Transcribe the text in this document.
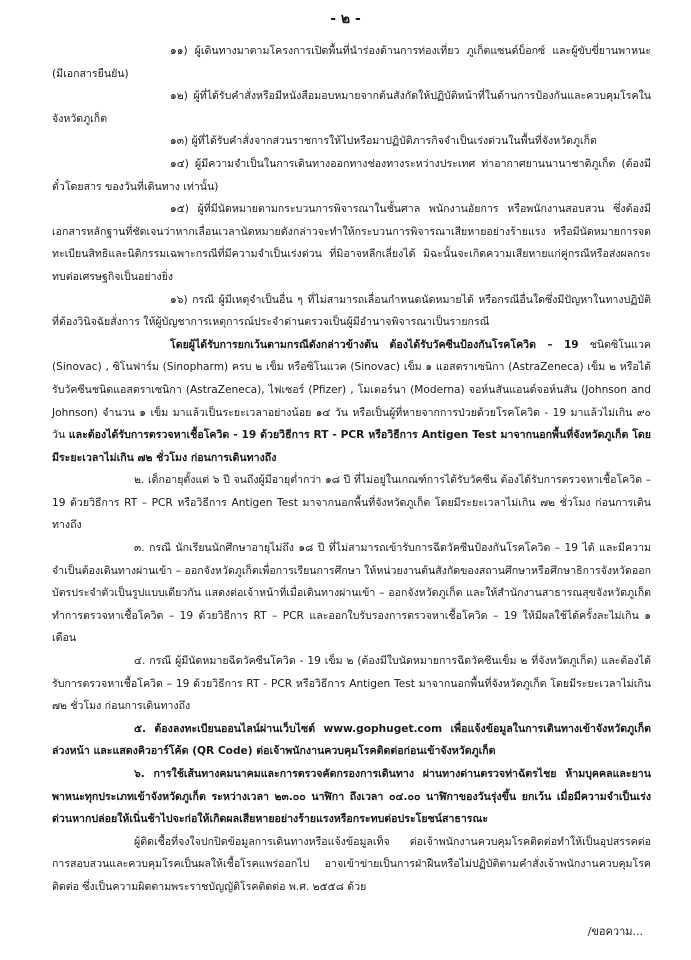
- ๒ -

๑๑) ผู้เดินทางมาตามโครงการเปิดพื้นที่นำร่องด้านการท่องเที่ยว ภูเก็ตแซนด์บ็อกซ์ และผู้ขับขี่ยานพาหนะ (มีเอกสารยืนยัน)

๑๒) ผู้ที่ได้รับคำสั่งหรือมีหนังสือมอบหมายจากต้นสังกัดให้ปฏิบัติหน้าที่ในด้านการป้องกันและควบคุมโรคในจังหวัดภูเก็ต

๑๓) ผู้ที่ได้รับคำสั่งจากส่วนราชการให้ไปหรือมาปฏิบัติภารกิจจำเป็นเร่งด่วนในพื้นที่จังหวัดภูเก็ต

๑๔) ผู้มีความจำเป็นในการเดินทางออกทางช่องทางระหว่างประเทศ ท่าอากาศยานนานาชาติภูเก็ต (ต้องมีตั๋วโดยสาร ของวันที่เดินทาง เท่านั้น)

๑๕) ผู้ที่มีนัดหมายตามกระบวนการพิจารณาในชั้นศาล พนักงานอัยการ หรือพนักงานสอบสวน ซึ่งต้องมีเอกสารหลักฐานที่ชัดเจนว่าหากเลื่อนเวลานัดหมายดังกล่าวจะทำให้กระบวนการพิจารณาเสียหายอย่างร้ายแรง หรือมีนัดหมายการจดทะเบียนสิทธิและนิติกรรมเฉพาะกรณีที่มีความจำเป็นเร่งด่วน ที่มิอาจหลีกเลี่ยงได้ มิฉะนั้นจะเกิดความเสียหายแก่คู่กรณีหรือส่งผลกระทบต่อเศรษฐกิจเป็นอย่างยิ่ง

๑๖) กรณี ผู้มีเหตุจำเป็นอื่น ๆ ที่ไม่สามารถเลื่อนกำหนดนัดหมายได้ หรือกรณีอื่นใดซึ่งมีปัญหาในทางปฏิบัติที่ต้องวินิจฉัยสั่งการ ให้ผู้บัญชาการเหตุการณ์ประจำด่านตรวจเป็นผู้มีอำนาจพิจารณาเป็นรายกรณี

โดยผู้ได้รับการยกเว้นตามกรณีดังกล่าวข้างต้น ต้องได้รับวัคซีนป้องกันโรคโควิด – 19 ชนิดซิโนแวค (Sinovac) , ซิโนฟาร์ม (Sinopharm) ครบ ๒ เข็ม หรือซิโนแวค (Sinovac) เข็ม ๑ แอสตราเซนิกา (AstraZeneca) เข็ม ๒ หรือได้รับวัคซีนชนิดแอสตราเซนิกา (AstraZeneca), ไฟเซอร์ (Pfizer) , โมเดอร์นา (Moderna) จอห์นสันแอนด์จอห์นสัน (Johnson and Johnson) จำนวน ๑ เข็ม มาแล้วเป็นระยะเวลาอย่างน้อย ๑๔ วัน หรือเป็นผู้ที่หายจากการป่วยด้วยโรคโควิด - 19 มาแล้วไม่เกิน ๙๐ วัน และต้องได้รับการตรวจหาเชื้อโควิด - 19 ด้วยวิธีการ RT - PCR หรือวิธีการ Antigen Test มาจากนอกพื้นที่จังหวัดภูเก็ต โดยมีระยะเวลาไม่เกิน ๗๒ ชั่วโมง ก่อนการเดินทางถึง

๒. เด็กอายุตั้งแต่ ๖ ปี จนถึงผู้มีอายุต่ำกว่า ๑๘ ปี ที่ไม่อยู่ในเกณฑ์การได้รับวัคซีน ต้องได้รับการตรวจหาเชื้อโควิด – 19 ด้วยวิธีการ RT – PCR หรือวิธีการ Antigen Test มาจากนอกพื้นที่จังหวัดภูเก็ต โดยมีระยะเวลาไม่เกิน ๗๒ ชั่วโมง ก่อนการเดินทางถึง

๓. กรณี นักเรียนนักศึกษาอายุไม่ถึง ๑๘ ปี ที่ไม่สามารถเข้ารับการฉีดวัคซีนป้องกันโรคโควิด – 19 ได้ และมีความจำเป็นต้องเดินทางผ่านเข้า – ออกจังหวัดภูเก็ตเพื่อการเรียนการศึกษา ให้หน่วยงานต้นสังกัดของสถานศึกษาหรือศึกษาธิการจังหวัดออกบัตรประจำตัวเป็นรูปแบบเดียวกัน แสดงต่อเจ้าหน้าที่เมื่อเดินทางผ่านเข้า – ออกจังหวัดภูเก็ต และให้สำนักงานสาธารณสุขจังหวัดภูเก็ตทำการตรวจหาเชื้อโควิด – 19 ด้วยวิธีการ RT – PCR และออกใบรับรองการตรวจหาเชื้อโควิด – 19 ให้มีผลใช้ได้ครั้งละไม่เกิน ๑ เดือน

๔. กรณี ผู้มีนัดหมายฉีดวัคซีนโควิด - 19 เข็ม ๒ (ต้องมีใบนัดหมายการฉีดวัคซีนเข็ม ๒ ที่จังหวัดภูเก็ต) และต้องได้รับการตรวจหาเชื้อโควิด – 19 ด้วยวิธีการ RT - PCR หรือวิธีการ Antigen Test มาจากนอกพื้นที่จังหวัดภูเก็ต โดยมีระยะเวลาไม่เกิน ๗๒ ชั่วโมง ก่อนการเดินทางถึง

๕. ต้องลงทะเบียนออนไลน์ผ่านเว็บไซต์ www.gophuget.com เพื่อแจ้งข้อมูลในการเดินทางเข้าจังหวัดภูเก็ตล่วงหน้า และแสดงคิวอาร์โค้ด (QR Code) ต่อเจ้าพนักงานควบคุมโรคติดต่อก่อนเข้าจังหวัดภูเก็ต

๖. การใช้เส้นทางคมนาคมและการตรวจคัดกรองการเดินทาง ผ่านทางด่านตรวจท่าฉัตรไชย ห้ามบุคคลและยานพาหนะทุกประเภทเข้าจังหวัดภูเก็ต ระหว่างเวลา ๒๓.๐๐ นาฬิกา ถึงเวลา ๐๔.๐๐ นาฬิกาของวันรุ่งขึ้น ยกเว้น เมื่อมีความจำเป็นเร่งด่วนหากปล่อยให้เนิ่นช้าไปจะก่อให้เกิดผลเสียหายอย่างร้ายแรงหรือกระทบต่อประโยชน์สาธารณะ

ผู้ติดเชื้อที่จงใจปกปิดข้อมูลการเดินทางหรือแจ้งข้อมูลเท็จ ต่อเจ้าพนักงานควบคุมโรคติดต่อทำให้เป็นอุปสรรคต่อการสอบสวนและควบคุมโรคเป็นผลให้เชื้อโรคแพร่ออกไป อาจเข้าข่ายเป็นการฝ่าฝืนหรือไม่ปฏิบัติตามคำสั่งเจ้าพนักงานควบคุมโรคติดต่อ ซึ่งเป็นความผิดตามพระราชบัญญัติโรคติดต่อ พ.ศ. ๒๕๕๘ ด้วย

/ขอความ...
